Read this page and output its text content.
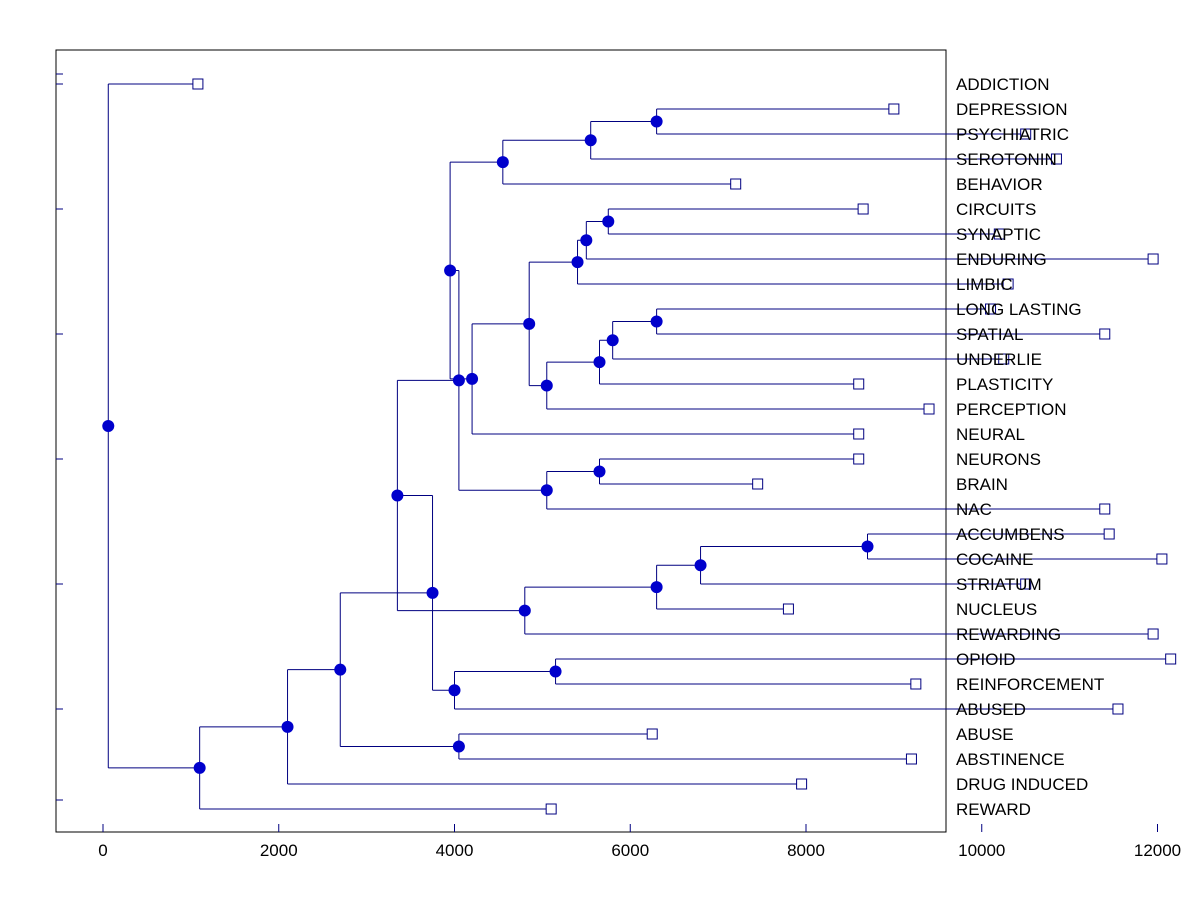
0	2000	4000	6000	8000	10000	12000
ADDICTION
DEPRESSION
PSYCHIATRIC
SEROTONIN
BEHAVIOR
CIRCUITS
SYNAPTIC
ENDURING
LIMBIC
LONG LASTING
SPATIAL
UNDERLIE
PLASTICITY
PERCEPTION
NEURAL
NEURONS
BRAIN
NAC
ACCUMBENS
COCAINE
STRIATUM
NUCLEUS
REWARDING
OPIOID
REINFORCEMENT
ABUSED
ABUSE
ABSTINENCE
DRUG INDUCED
REWARD
